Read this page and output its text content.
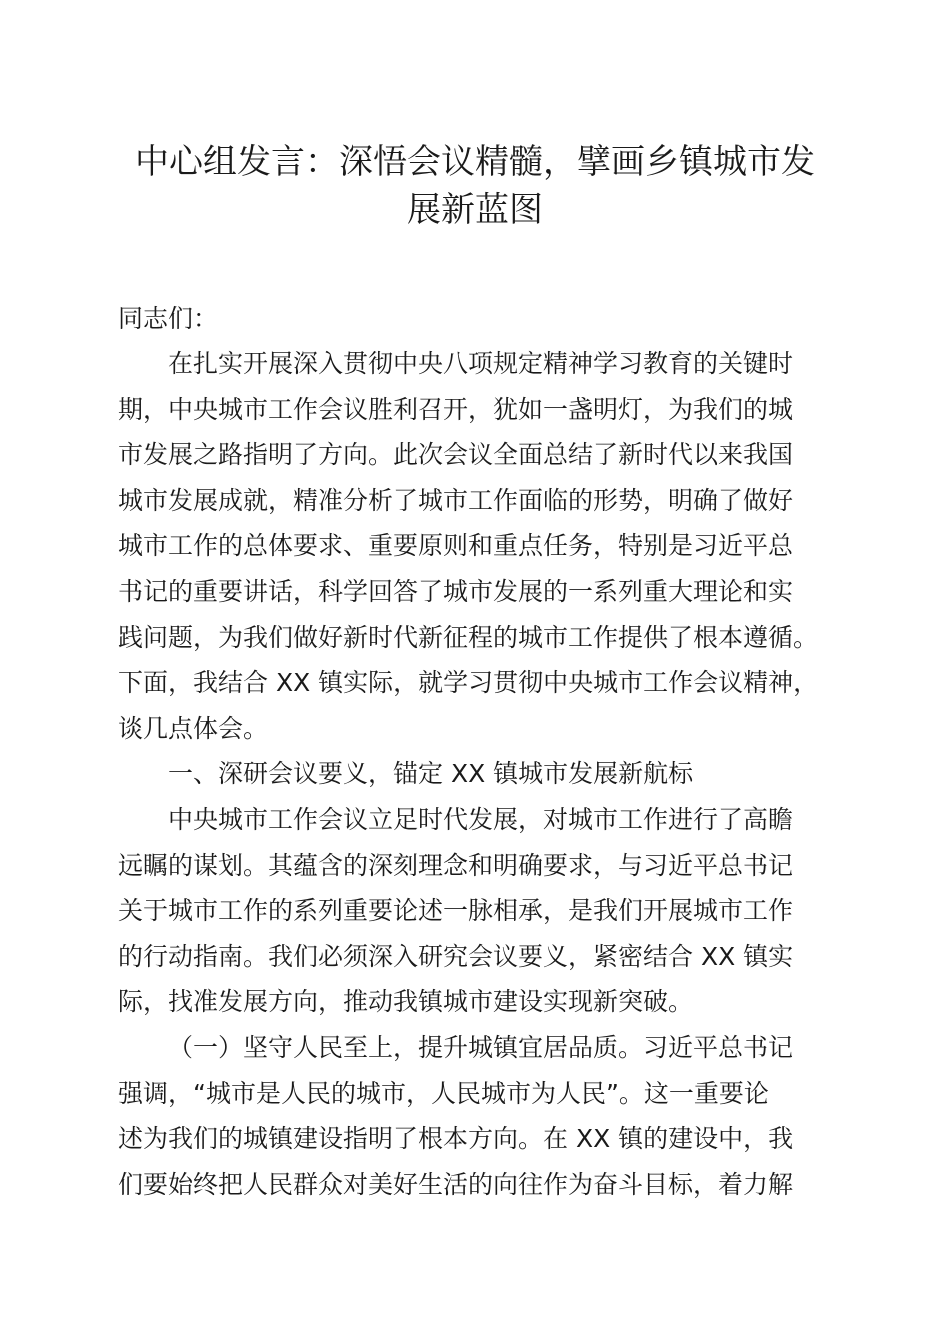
中心组发言：深悟会议精髓，擘画乡镇城市发
展新蓝图

同志们：

在扎实开展深入贯彻中央八项规定精神学习教育的关键时
期，中央城市工作会议胜利召开，犹如一盏明灯，为我们的城
市发展之路指明了方向。此次会议全面总结了新时代以来我国
城市发展成就，精准分析了城市工作面临的形势，明确了做好
城市工作的总体要求、重要原则和重点任务，特别是习近平总
书记的重要讲话，科学回答了城市发展的一系列重大理论和实
践问题，为我们做好新时代新征程的城市工作提供了根本遵循。
下面，我结合 XX 镇实际，就学习贯彻中央城市工作会议精神，
谈几点体会。

一、深研会议要义，锚定 XX 镇城市发展新航标

中央城市工作会议立足时代发展，对城市工作进行了高瞻
远瞩的谋划。其蕴含的深刻理念和明确要求，与习近平总书记
关于城市工作的系列重要论述一脉相承，是我们开展城市工作
的行动指南。我们必须深入研究会议要义，紧密结合 XX 镇实
际，找准发展方向，推动我镇城市建设实现新突破。

（一）坚守人民至上，提升城镇宜居品质。习近平总书记
强调，“城市是人民的城市，人民城市为人民”。这一重要论
述为我们的城镇建设指明了根本方向。在 XX 镇的建设中，我
们要始终把人民群众对美好生活的向往作为奋斗目标，着力解
